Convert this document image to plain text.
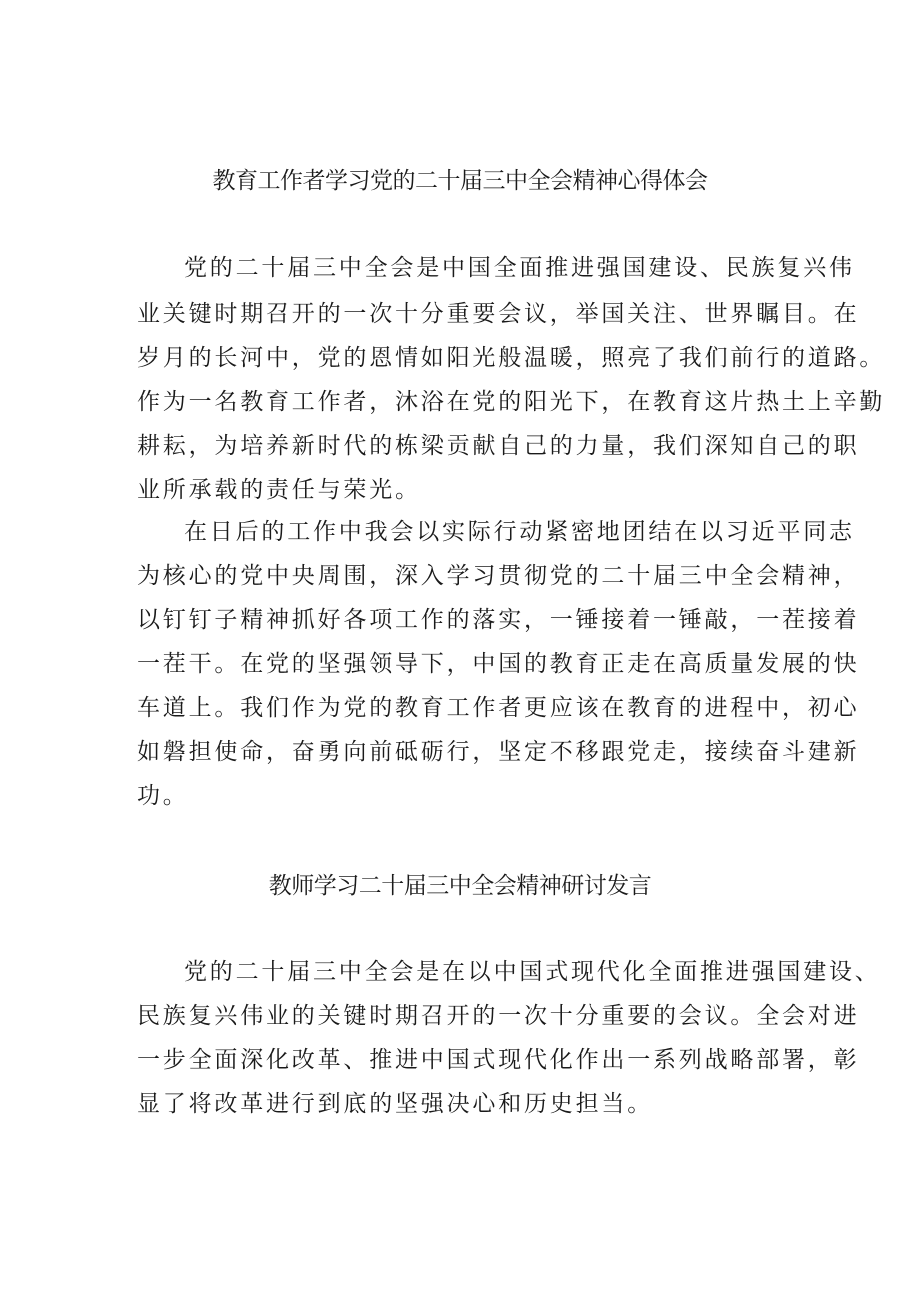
教育工作者学习党的二十届三中全会精神心得体会
党的二十届三中全会是中国全面推进强国建设、民族复兴伟
业关键时期召开的一次十分重要会议，举国关注、世界瞩目。在
岁月的长河中，党的恩情如阳光般温暖，照亮了我们前行的道路。
作为一名教育工作者，沐浴在党的阳光下，在教育这片热土上辛勤
耕耘，为培养新时代的栋梁贡献自己的力量，我们深知自己的职
业所承载的责任与荣光。
在日后的工作中我会以实际行动紧密地团结在以习近平同志
为核心的党中央周围，深入学习贯彻党的二十届三中全会精神，
以钉钉子精神抓好各项工作的落实，一锤接着一锤敲，一茬接着
一茬干。在党的坚强领导下，中国的教育正走在高质量发展的快
车道上。我们作为党的教育工作者更应该在教育的进程中，初心
如磐担使命，奋勇向前砥砺行，坚定不移跟党走，接续奋斗建新
功。
教师学习二十届三中全会精神研讨发言
党的二十届三中全会是在以中国式现代化全面推进强国建设、
民族复兴伟业的关键时期召开的一次十分重要的会议。全会对进
一步全面深化改革、推进中国式现代化作出一系列战略部署，彰
显了将改革进行到底的坚强决心和历史担当。
